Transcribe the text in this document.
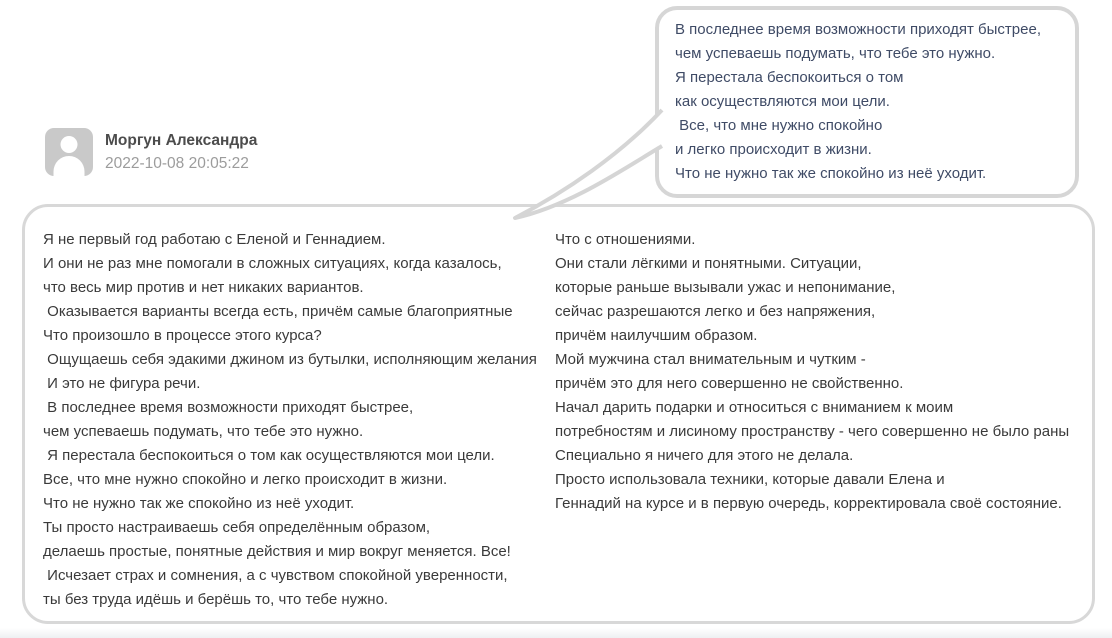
В последнее время возможности приходят быстрее,
чем успеваешь подумать, что тебе это нужно.
Я перестала беспокоиться о том
как осуществляются мои цели.
Все, что мне нужно спокойно
и легко происходит в жизни.
Что не нужно так же спокойно из неё уходит.
Моргун Александра
2022-10-08 20:05:22
Я не первый год работаю с Еленой и Геннадием.
И они не раз мне помогали в сложных ситуациях, когда казалось,
что весь мир против и нет никаких вариантов.
Оказывается варианты всегда есть, причём самые благоприятные
Что произошло в процессе этого курса?
Ощущаешь себя эдакими джином из бутылки, исполняющим желания
И это не фигура речи.
В последнее время возможности приходят быстрее,
чем успеваешь подумать, что тебе это нужно.
Я перестала беспокоиться о том как осуществляются мои цели.
Все, что мне нужно спокойно и легко происходит в жизни.
Что не нужно так же спокойно из неё уходит.
Ты просто настраиваешь себя определённым образом,
делаешь простые, понятные действия и мир вокруг меняется. Все!
Исчезает страх и сомнения, а с чувством спокойной уверенности,
ты без труда идёшь и берёшь то, что тебе нужно.
Что с отношениями.
Они стали лёгкими и понятными. Ситуации,
которые раньше вызывали ужас и непонимание,
сейчас разрешаются легко и без напряжения,
причём наилучшим образом.
Мой мужчина стал внимательным и чутким -
причём это для него совершенно не свойственно.
Начал дарить подарки и относиться с вниманием к моим
потребностям и лисиному пространству - чего совершенно не было раны
Специально я ничего для этого не делала.
Просто использовала техники, которые давали Елена и
Геннадий на курсе и в первую очередь, корректировала своё состояние.
